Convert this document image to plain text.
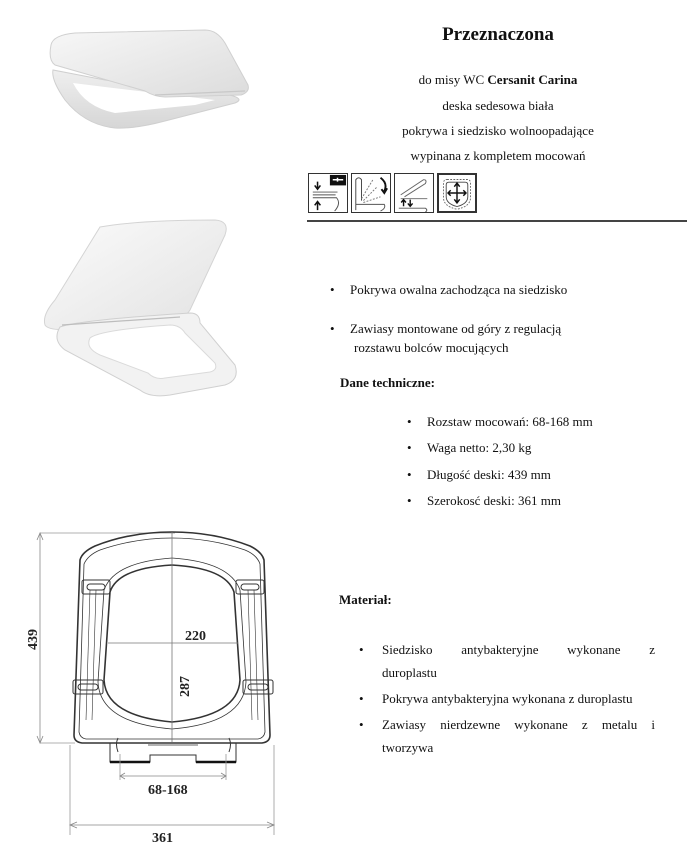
Przeznaczona
do misy WC Cersanit Carina
deska sedesowa biała
pokrywa i siedzisko wolnoopadające
wypinana z kompletem mocowań
• Pokrywa owalna zachodząca na siedzisko
• Zawiasy montowane od góry z regulacją
rozstawu bolców mocujących
Dane techniczne:
• Rozstaw mocowań: 68-168 mm
• Waga netto: 2,30 kg
• Długość deski: 439 mm
• Szerokosć deski: 361 mm
Materiał:
• Siedzisko antybakteryjne wykonane z
duroplastu
• Pokrywa antybakteryjna wykonana z duroplastu
• Zawiasy nierdzewne wykonane z metalu i
tworzywa
439	220
287
68-168
361
